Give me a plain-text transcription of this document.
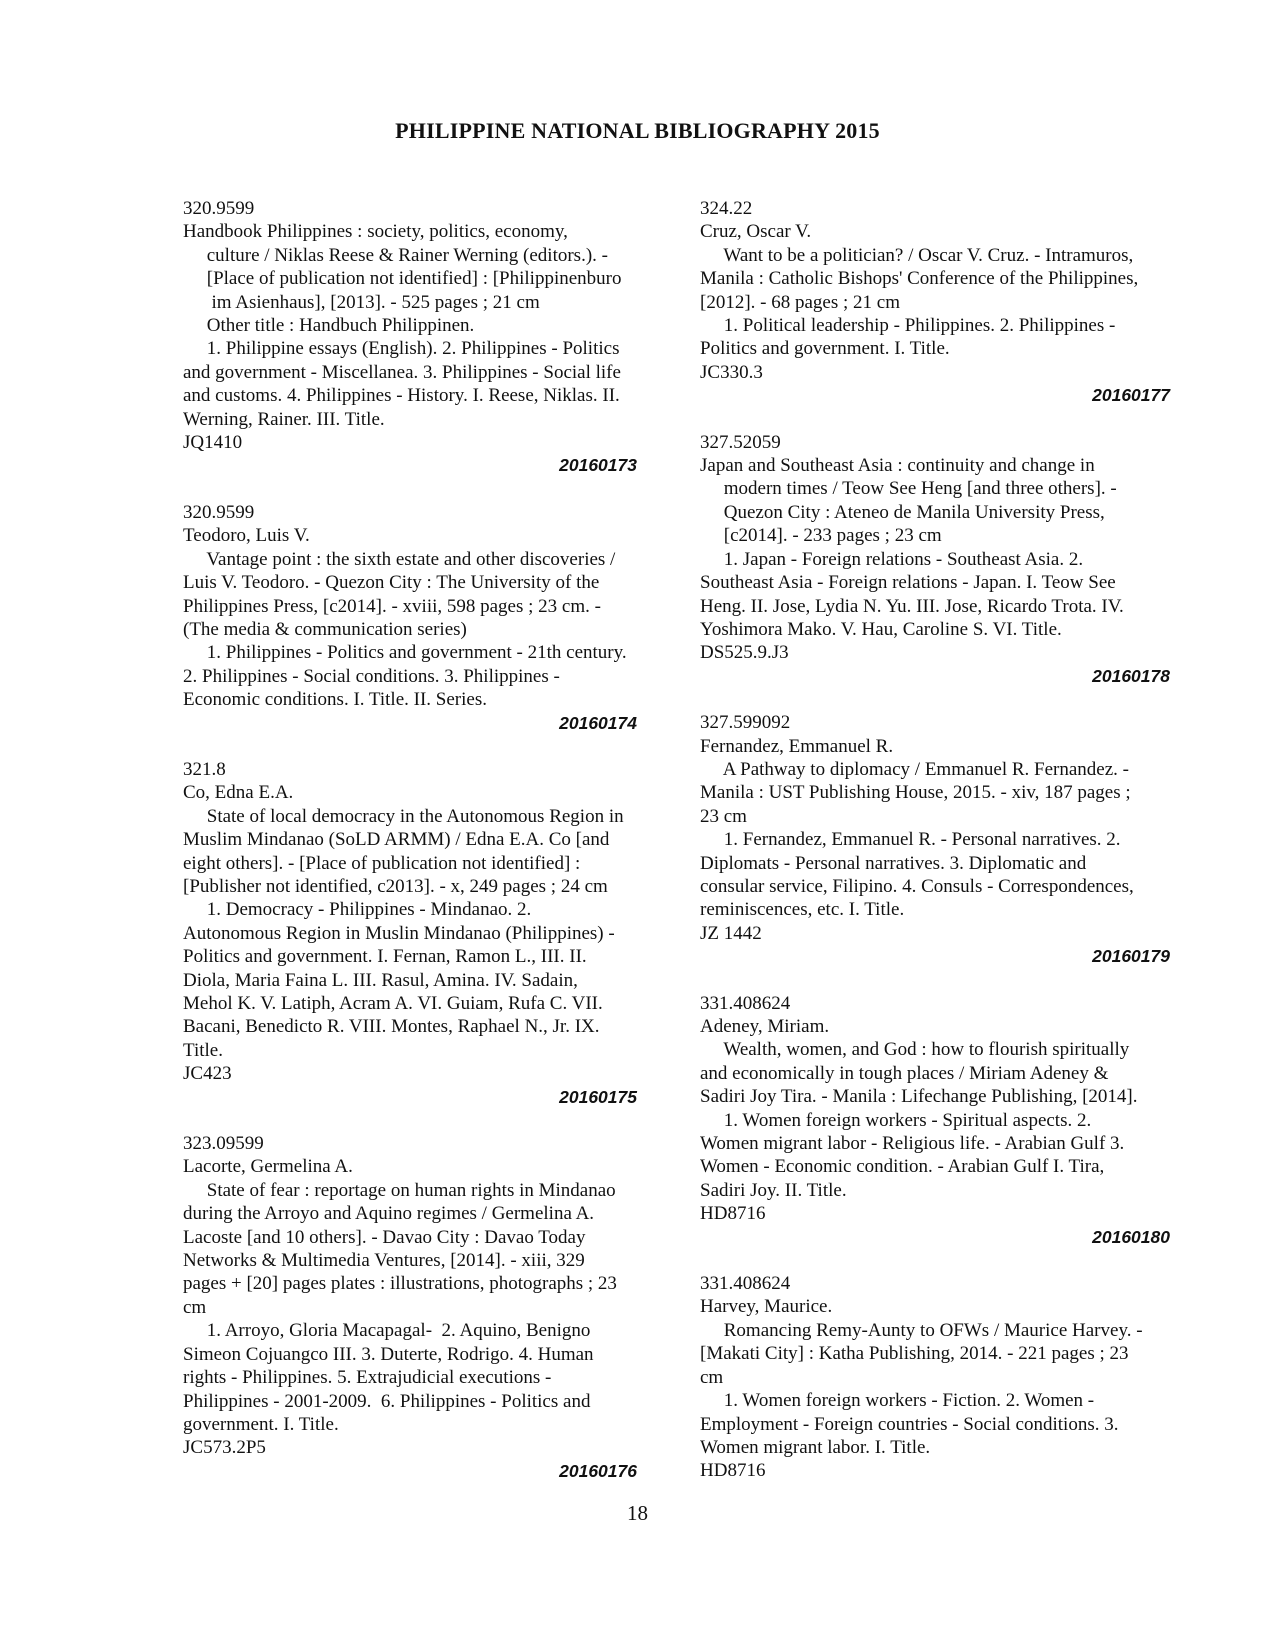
PHILIPPINE NATIONAL BIBLIOGRAPHY 2015
320.9599
Handbook Philippines : society, politics, economy,
culture / Niklas Reese & Rainer Werning (editors.). -
[Place of publication not identified] : [Philippinenburo
im Asienhaus], [2013]. - 525 pages ; 21 cm
Other title : Handbuch Philippinen.
1. Philippine essays (English). 2. Philippines - Politics
and government - Miscellanea. 3. Philippines - Social life
and customs. 4. Philippines - History. I. Reese, Niklas. II.
Werning, Rainer. III. Title.
JQ1410
20160173
320.9599
Teodoro, Luis V.
Vantage point : the sixth estate and other discoveries /
Luis V. Teodoro. - Quezon City : The University of the
Philippines Press, [c2014]. - xviii, 598 pages ; 23 cm. -
(The media & communication series)
1. Philippines - Politics and government - 21th century.
2. Philippines - Social conditions. 3. Philippines -
Economic conditions. I. Title. II. Series.
20160174
321.8
Co, Edna E.A.
State of local democracy in the Autonomous Region in
Muslim Mindanao (SoLD ARMM) / Edna E.A. Co [and
eight others]. - [Place of publication not identified] :
[Publisher not identified, c2013]. - x, 249 pages ; 24 cm
1. Democracy - Philippines - Mindanao. 2.
Autonomous Region in Muslin Mindanao (Philippines) -
Politics and government. I. Fernan, Ramon L., III. II.
Diola, Maria Faina L. III. Rasul, Amina. IV. Sadain,
Mehol K. V. Latiph, Acram A. VI. Guiam, Rufa C. VII.
Bacani, Benedicto R. VIII. Montes, Raphael N., Jr. IX.
Title.
JC423
20160175
323.09599
Lacorte, Germelina A.
State of fear : reportage on human rights in Mindanao
during the Arroyo and Aquino regimes / Germelina A.
Lacoste [and 10 others]. - Davao City : Davao Today
Networks & Multimedia Ventures, [2014]. - xiii, 329
pages + [20] pages plates : illustrations, photographs ; 23
cm
1. Arroyo, Gloria Macapagal-  2. Aquino, Benigno
Simeon Cojuangco III. 3. Duterte, Rodrigo. 4. Human
rights - Philippines. 5. Extrajudicial executions -
Philippines - 2001-2009.  6. Philippines - Politics and
government. I. Title.
JC573.2P5
20160176
324.22
Cruz, Oscar V.
Want to be a politician? / Oscar V. Cruz. - Intramuros,
Manila : Catholic Bishops' Conference of the Philippines,
[2012]. - 68 pages ; 21 cm
1. Political leadership - Philippines. 2. Philippines -
Politics and government. I. Title.
JC330.3
20160177
327.52059
Japan and Southeast Asia : continuity and change in
modern times / Teow See Heng [and three others]. -
Quezon City : Ateneo de Manila University Press,
[c2014]. - 233 pages ; 23 cm
1. Japan - Foreign relations - Southeast Asia. 2.
Southeast Asia - Foreign relations - Japan. I. Teow See
Heng. II. Jose, Lydia N. Yu. III. Jose, Ricardo Trota. IV.
Yoshimora Mako. V. Hau, Caroline S. VI. Title.
DS525.9.J3
20160178
327.599092
Fernandez, Emmanuel R.
A Pathway to diplomacy / Emmanuel R. Fernandez. -
Manila : UST Publishing House, 2015. - xiv, 187 pages ;
23 cm
1. Fernandez, Emmanuel R. - Personal narratives. 2.
Diplomats - Personal narratives. 3. Diplomatic and
consular service, Filipino. 4. Consuls - Correspondences,
reminiscences, etc. I. Title.
JZ 1442
20160179
331.408624
Adeney, Miriam.
Wealth, women, and God : how to flourish spiritually
and economically in tough places / Miriam Adeney &
Sadiri Joy Tira. - Manila : Lifechange Publishing, [2014].
1. Women foreign workers - Spiritual aspects. 2.
Women migrant labor - Religious life. - Arabian Gulf 3.
Women - Economic condition. - Arabian Gulf I. Tira,
Sadiri Joy. II. Title.
HD8716
20160180
331.408624
Harvey, Maurice.
Romancing Remy-Aunty to OFWs / Maurice Harvey. -
[Makati City] : Katha Publishing, 2014. - 221 pages ; 23
cm
1. Women foreign workers - Fiction. 2. Women -
Employment - Foreign countries - Social conditions. 3.
Women migrant labor. I. Title.
HD8716
18
